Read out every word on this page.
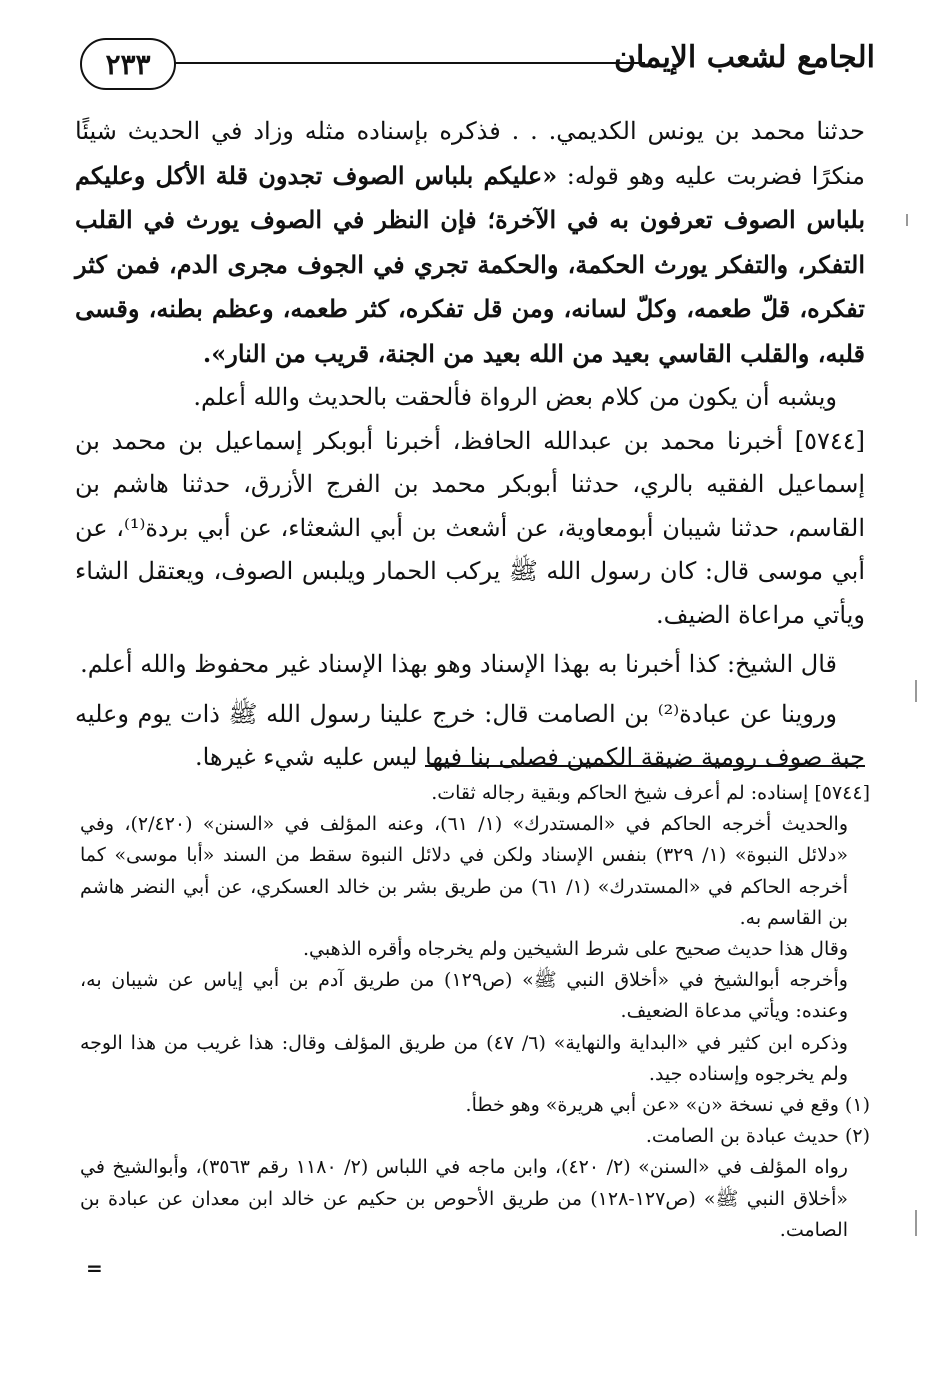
٢٣٣	الجامع لشعب الإيمان

حدثنا محمد بن يونس الكديمي. . . فذكره بإسناده مثله وزاد في الحديث شيئًا منكرًا فضربت عليه وهو قوله: «عليكم بلباس الصوف تجدون قلة الأكل وعليكم بلباس الصوف تعرفون به في الآخرة؛ فإن النظر في الصوف يورث في القلب التفكر، والتفكر يورث الحكمة، والحكمة تجري في الجوف مجرى الدم، فمن كثر تفكره، قلّ طعمه، وكلّ لسانه، ومن قل تفكره، كثر طعمه، وعظم بطنه، وقسى قلبه، والقلب القاسي بعيد من الله بعيد من الجنة، قريب من النار».

ويشبه أن يكون من كلام بعض الرواة فألحقت بالحديث والله أعلم.

[٥٧٤٤] أخبرنا محمد بن عبدالله الحافظ، أخبرنا أبوبكر إسماعيل بن محمد بن إسماعيل الفقيه بالري، حدثنا أبوبكر محمد بن الفرج الأزرق، حدثنا هاشم بن القاسم، حدثنا شيبان أبومعاوية، عن أشعث بن أبي الشعثاء، عن أبي بردة⁽¹⁾، عن أبي موسى قال: كان رسول الله ﷺ يركب الحمار ويلبس الصوف، ويعتقل الشاء ويأتي مراعاة الضيف.

قال الشيخ: كذا أخبرنا به بهذا الإسناد وهو بهذا الإسناد غير محفوظ والله أعلم.

وروينا عن عبادة⁽²⁾ بن الصامت قال: خرج علينا رسول الله ﷺ ذات يوم وعليه جبة صوف رومية ضيقة الكمين فصلى بنا فيها ليس عليه شيء غيرها.

[٥٧٤٤] إسناده: لم أعرف شيخ الحاكم وبقية رجاله ثقات.

والحديث أخرجه الحاكم في «المستدرك» (١/ ٦١)، وعنه المؤلف في «السنن» (٢/٤٢٠)، وفي «دلائل النبوة» (١/ ٣٢٩) بنفس الإسناد ولكن في دلائل النبوة سقط من السند «أبا موسى» كما أخرجه الحاكم في «المستدرك» (١/ ٦١) من طريق بشر بن خالد العسكري، عن أبي النضر هاشم بن القاسم به.

وقال هذا حديث صحيح على شرط الشيخين ولم يخرجاه وأقره الذهبي.

وأخرجه أبوالشيخ في «أخلاق النبي ﷺ» (ص١٢٩) من طريق آدم بن أبي إياس عن شيبان به، وعنده: ويأتي مدعاة الضعيف.

وذكره ابن كثير في «البداية والنهاية» (٦/ ٤٧) من طريق المؤلف وقال: هذا غريب من هذا الوجه ولم يخرجوه وإسناده جيد.

(١) وقع في نسخة «ن» «عن أبي هريرة» وهو خطأ.

(٢) حديث عبادة بن الصامت.

رواه المؤلف في «السنن» (٢/ ٤٢٠)، وابن ماجه في اللباس (٢/ ١١٨٠ رقم ٣٥٦٣)، وأبوالشيخ في «أخلاق النبي ﷺ» (ص١٢٧-١٢٨) من طريق الأحوص بن حكيم عن خالد ابن معدان عن عبادة بن الصامت.

=
